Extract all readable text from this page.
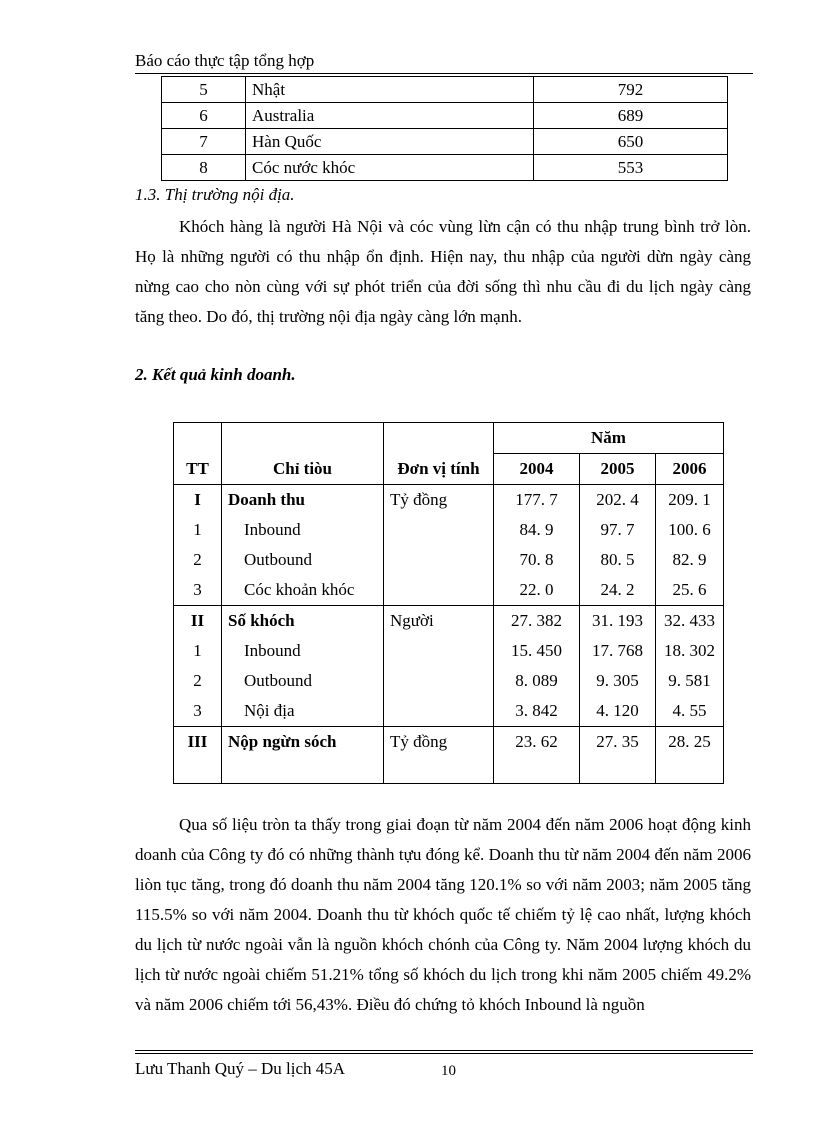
Báo cáo thực tập tổng hợp
5	Nhật	792
6	Australia	689
7	Hàn Quốc	650
8	Cóc nước khóc	553
1.3. Thị trường nội địa.
Khóch hàng là người Hà Nội và cóc vùng lừn cận có thu nhập trung bình trở lòn. Họ là những người có thu nhập ổn định. Hiện nay, thu nhập của người dừn ngày càng nừng cao cho nòn cùng với sự phót triển của đời sống thì nhu cầu đi du lịch ngày càng tăng theo. Do đó, thị trường nội địa ngày càng lớn mạnh.
2. Kết quả kinh doanh.
			Năm		
TT	Chỉ tiòu	Đơn vị tính	2004	2005	2006
I	Doanh thu	Tỷ đồng	177. 7	202. 4	209. 1
1	Inbound		84. 9	97. 7	100. 6
2	Outbound		70. 8	80. 5	82. 9
3	Cóc khoản khóc		22. 0	24. 2	25. 6
II	Số khóch	Người	27. 382	31. 193	32. 433
1	Inbound		15. 450	17. 768	18. 302
2	Outbound		8. 089	9. 305	9. 581
3	Nội địa		3. 842	4. 120	4. 55
III	Nộp ngừn sóch	Tỷ đồng	23. 62	27. 35	28. 25
Qua số liệu tròn ta thấy trong giai đoạn từ năm 2004 đến năm 2006 hoạt động kinh doanh của Công ty đó có những thành tựu đóng kể. Doanh thu từ năm 2004 đến năm 2006 liòn tục tăng, trong đó doanh thu năm 2004 tăng 120.1% so với năm 2003; năm 2005 tăng 115.5% so với năm 2004. Doanh thu từ khóch quốc tế chiếm tỷ lệ cao nhất, lượng khóch du lịch từ nước ngoài vẫn là nguồn khóch chónh của Công ty. Năm 2004 lượng khóch du lịch từ nước ngoài chiếm 51.21% tổng số khóch du lịch trong khi năm 2005 chiếm 49.2% và năm 2006 chiếm tới 56,43%. Điều đó chứng tỏ khóch Inbound là nguồn
Lưu Thanh Quý – Du lịch 45A	10
